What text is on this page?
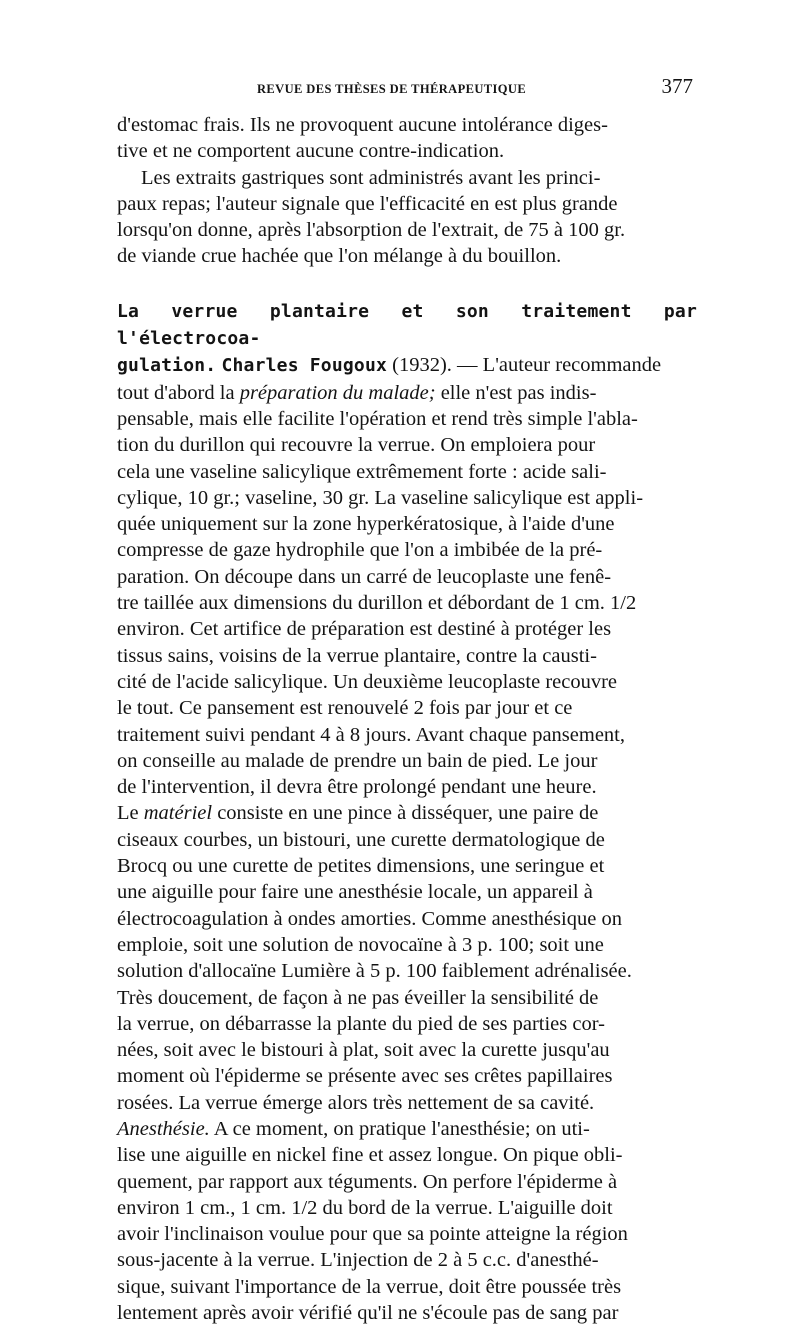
REVUE DES THÈSES DE THÉRAPEUTIQUE	377

d'estomac frais. Ils ne provoquent aucune intolérance diges-
tive et ne comportent aucune contre-indication.

Les extraits gastriques sont administrés avant les princi-
paux repas; l'auteur signale que l'efficacité en est plus grande
lorsqu'on donne, après l'absorption de l'extrait, de 75 à 100 gr.
de viande crue hachée que l'on mélange à du bouillon.

La verrue plantaire et son traitement par l'électrocoa-
gulation. Charles Fougoux (1932). — L'auteur recommande
tout d'abord la préparation du malade; elle n'est pas indis-
pensable, mais elle facilite l'opération et rend très simple l'abla-
tion du durillon qui recouvre la verrue. On emploiera pour
cela une vaseline salicylique extrêmement forte : acide sali-
cylique, 10 gr.; vaseline, 30 gr. La vaseline salicylique est appli-
quée uniquement sur la zone hyperkératosique, à l'aide d'une
compresse de gaze hydrophile que l'on a imbibée de la pré-
paration. On découpe dans un carré de leucoplaste une fenê-
tre taillée aux dimensions du durillon et débordant de 1 cm. 1/2
environ. Cet artifice de préparation est destiné à protéger les
tissus sains, voisins de la verrue plantaire, contre la causti-
cité de l'acide salicylique. Un deuxième leucoplaste recouvre
le tout. Ce pansement est renouvelé 2 fois par jour et ce
traitement suivi pendant 4 à 8 jours. Avant chaque pansement,
on conseille au malade de prendre un bain de pied. Le jour
de l'intervention, il devra être prolongé pendant une heure.
Le matériel consiste en une pince à disséquer, une paire de
ciseaux courbes, un bistouri, une curette dermatologique de
Brocq ou une curette de petites dimensions, une seringue et
une aiguille pour faire une anesthésie locale, un appareil à
électrocoagulation à ondes amorties. Comme anesthésique on
emploie, soit une solution de novocaïne à 3 p. 100; soit une
solution d'allocaïne Lumière à 5 p. 100 faiblement adrénalisée.
Très doucement, de façon à ne pas éveiller la sensibilité de
la verrue, on débarrasse la plante du pied de ses parties cor-
nées, soit avec le bistouri à plat, soit avec la curette jusqu'au
moment où l'épiderme se présente avec ses crêtes papillaires
rosées. La verrue émerge alors très nettement de sa cavité.
Anesthésie. A ce moment, on pratique l'anesthésie; on uti-
lise une aiguille en nickel fine et assez longue. On pique obli-
quement, par rapport aux téguments. On perfore l'épiderme à
environ 1 cm., 1 cm. 1/2 du bord de la verrue. L'aiguille doit
avoir l'inclinaison voulue pour que sa pointe atteigne la région
sous-jacente à la verrue. L'injection de 2 à 5 c.c. d'anesthé-
sique, suivant l'importance de la verrue, doit être poussée très
lentement après avoir vérifié qu'il ne s'écoule pas de sang par
